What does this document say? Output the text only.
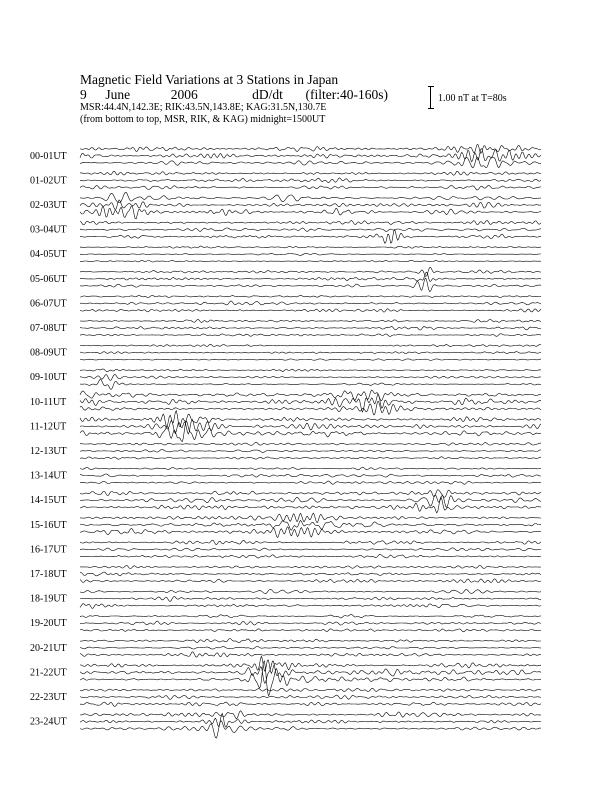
Magnetic Field Variations at 3 Stations in Japan
9 June	2006	dD/dt (filter:40-160s)
MSR:44.4N,142.3E; RIK:43.5N,143.8E; KAG:31.5N,130.7E
(from bottom to top, MSR, RIK, & KAG) midnight=1500UT
1.00 nT at T=80s
00-01UT
01-02UT
02-03UT
03-04UT
04-05UT
05-06UT
06-07UT
07-08UT
08-09UT
09-10UT
10-11UT
11-12UT
12-13UT
13-14UT
14-15UT
15-16UT
16-17UT
17-18UT
18-19UT
19-20UT
20-21UT
21-22UT
22-23UT
23-24UT
